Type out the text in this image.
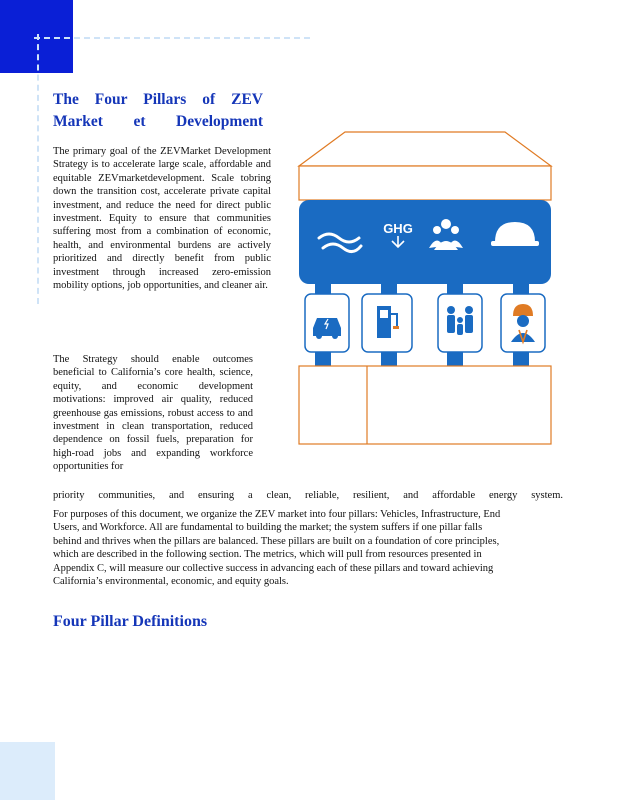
The Four Pillars of ZEV Market et Development

The primary goal of the ZEVMarket Development Strategy is to accelerate large scale, affordable and equitable ZEVmarketdevelopment. Scale tobring down the transition cost, accelerate private capital investment, and reduce the need for direct public investment. Equity to ensure that communities suffering most from a combination of economic, health, and environmental burdens are actively prioritized and directly benefit from public investment through increased zero-emission mobility options, job opportunities, and cleaner air.

The Strategy should enable outcomes beneficial to California’s core health, science, equity, and economic development motivations: improved air quality, reduced greenhouse gas emissions, robust access to and investment in clean transportation, reduced dependence on fossil fuels, preparation for high-road jobs and expanding workforce opportunities for

priority communities, and ensuring a clean, reliable, resilient, and affordable energy system.

For purposes of this document, we organize the ZEV market into four pillars: Vehicles, Infrastructure, End Users, and Workforce. All are fundamental to building the market; the system suffers if one pillar falls behind and thrives when the pillars are balanced. These pillars are built on a foundation of core principles, which are described in the following section. The metrics, which will pull from resources presented in Appendix C, will measure our collective success in advancing each of these pillars and toward achieving California’s environmental, economic, and equity goals.

Four Pillar Definitions
GHG
